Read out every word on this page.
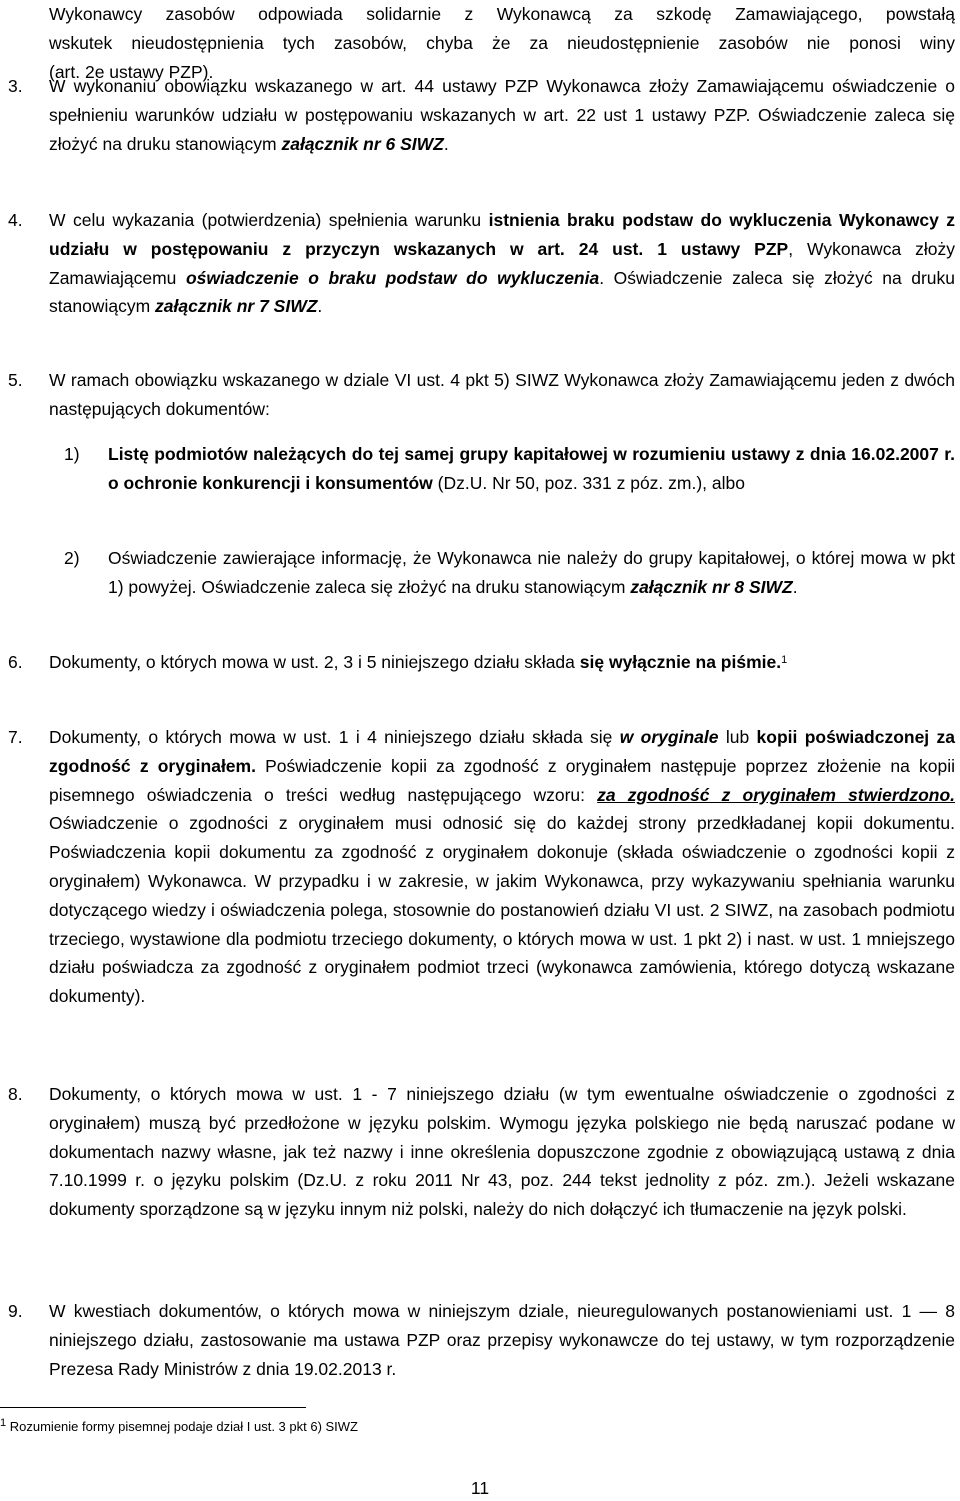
Wykonawcy zasobów odpowiada solidarnie z Wykonawcą za szkodę Zamawiającego, powstałą
wskutek nieudostępnienia tych zasobów, chyba że za nieudostępnienie zasobów nie ponosi winy
(art. 2e ustawy PZP).
3.	W wykonaniu obowiązku wskazanego w art. 44 ustawy PZP Wykonawca złoży Zamawiającemu oświadczenie o spełnieniu warunków udziału w postępowaniu wskazanych w art. 22 ust 1 ustawy PZP. Oświadczenie zaleca się złożyć na druku stanowiącym załącznik nr 6 SIWZ.
4.	W celu wykazania (potwierdzenia) spełnienia warunku istnienia braku podstaw do wykluczenia Wykonawcy z udziału w postępowaniu z przyczyn wskazanych w art. 24 ust. 1 ustawy PZP, Wykonawca złoży Zamawiającemu oświadczenie o braku podstaw do wykluczenia. Oświadczenie zaleca się złożyć na druku stanowiącym załącznik nr 7 SIWZ.
5.	W ramach obowiązku wskazanego w dziale VI ust. 4 pkt 5) SIWZ Wykonawca złoży Zamawiającemu jeden z dwóch następujących dokumentów:
1)	Listę podmiotów należących do tej samej grupy kapitałowej w rozumieniu ustawy z dnia 16.02.2007 r. o ochronie konkurencji i konsumentów (Dz.U. Nr 50, poz. 331 z póz. zm.), albo
2)	Oświadczenie zawierające informację, że Wykonawca nie należy do grupy kapitałowej, o której mowa w pkt 1) powyżej. Oświadczenie zaleca się złożyć na druku stanowiącym załącznik nr 8 SIWZ.
6.	Dokumenty, o których mowa w ust. 2, 3 i 5 niniejszego działu składa się wyłącznie na piśmie.$^1$
7.	Dokumenty, o których mowa w ust. 1 i 4 niniejszego działu składa się w oryginale lub kopii poświadczonej za zgodność z oryginałem. Poświadczenie kopii za zgodność z oryginałem następuje poprzez złożenie na kopii pisemnego oświadczenia o treści według następującego wzoru: za zgodność z oryginałem stwierdzono. Oświadczenie o zgodności z oryginałem musi odnosić się do każdej strony przedkładanej kopii dokumentu. Poświadczenia kopii dokumentu za zgodność z oryginałem dokonuje (składa oświadczenie o zgodności kopii z oryginałem) Wykonawca. W przypadku i w zakresie, w jakim Wykonawca, przy wykazywaniu spełniania warunku dotyczącego wiedzy i oświadczenia polega, stosownie do postanowień działu VI ust. 2 SIWZ, na zasobach podmiotu trzeciego, wystawione dla podmiotu trzeciego dokumenty, o których mowa w ust. 1 pkt 2) i nast. w ust. 1 mniejszego działu poświadcza za zgodność z oryginałem podmiot trzeci (wykonawca zamówienia, którego dotyczą wskazane dokumenty).
8.	Dokumenty, o których mowa w ust. 1 - 7 niniejszego działu (w tym ewentualne oświadczenie o zgodności z oryginałem) muszą być przedłożone w języku polskim. Wymogu języka polskiego nie będą naruszać podane w dokumentach nazwy własne, jak też nazwy i inne określenia dopuszczone zgodnie z obowiązującą ustawą z dnia 7.10.1999 r. o języku polskim (Dz.U. z roku 2011 Nr 43, poz. 244 tekst jednolity z póz. zm.). Jeżeli wskazane dokumenty sporządzone są w języku innym niż polski, należy do nich dołączyć ich tłumaczenie na język polski.
9.	W kwestiach dokumentów, o których mowa w niniejszym dziale, nieuregulowanych postanowieniami ust. 1 — 8 niniejszego działu, zastosowanie ma ustawa PZP oraz przepisy wykonawcze do tej ustawy, w tym rozporządzenie Prezesa Rady Ministrów z dnia 19.02.2013 r.
$^1$ Rozumienie formy pisemnej podaje dział I ust. 3 pkt 6) SIWZ
11
